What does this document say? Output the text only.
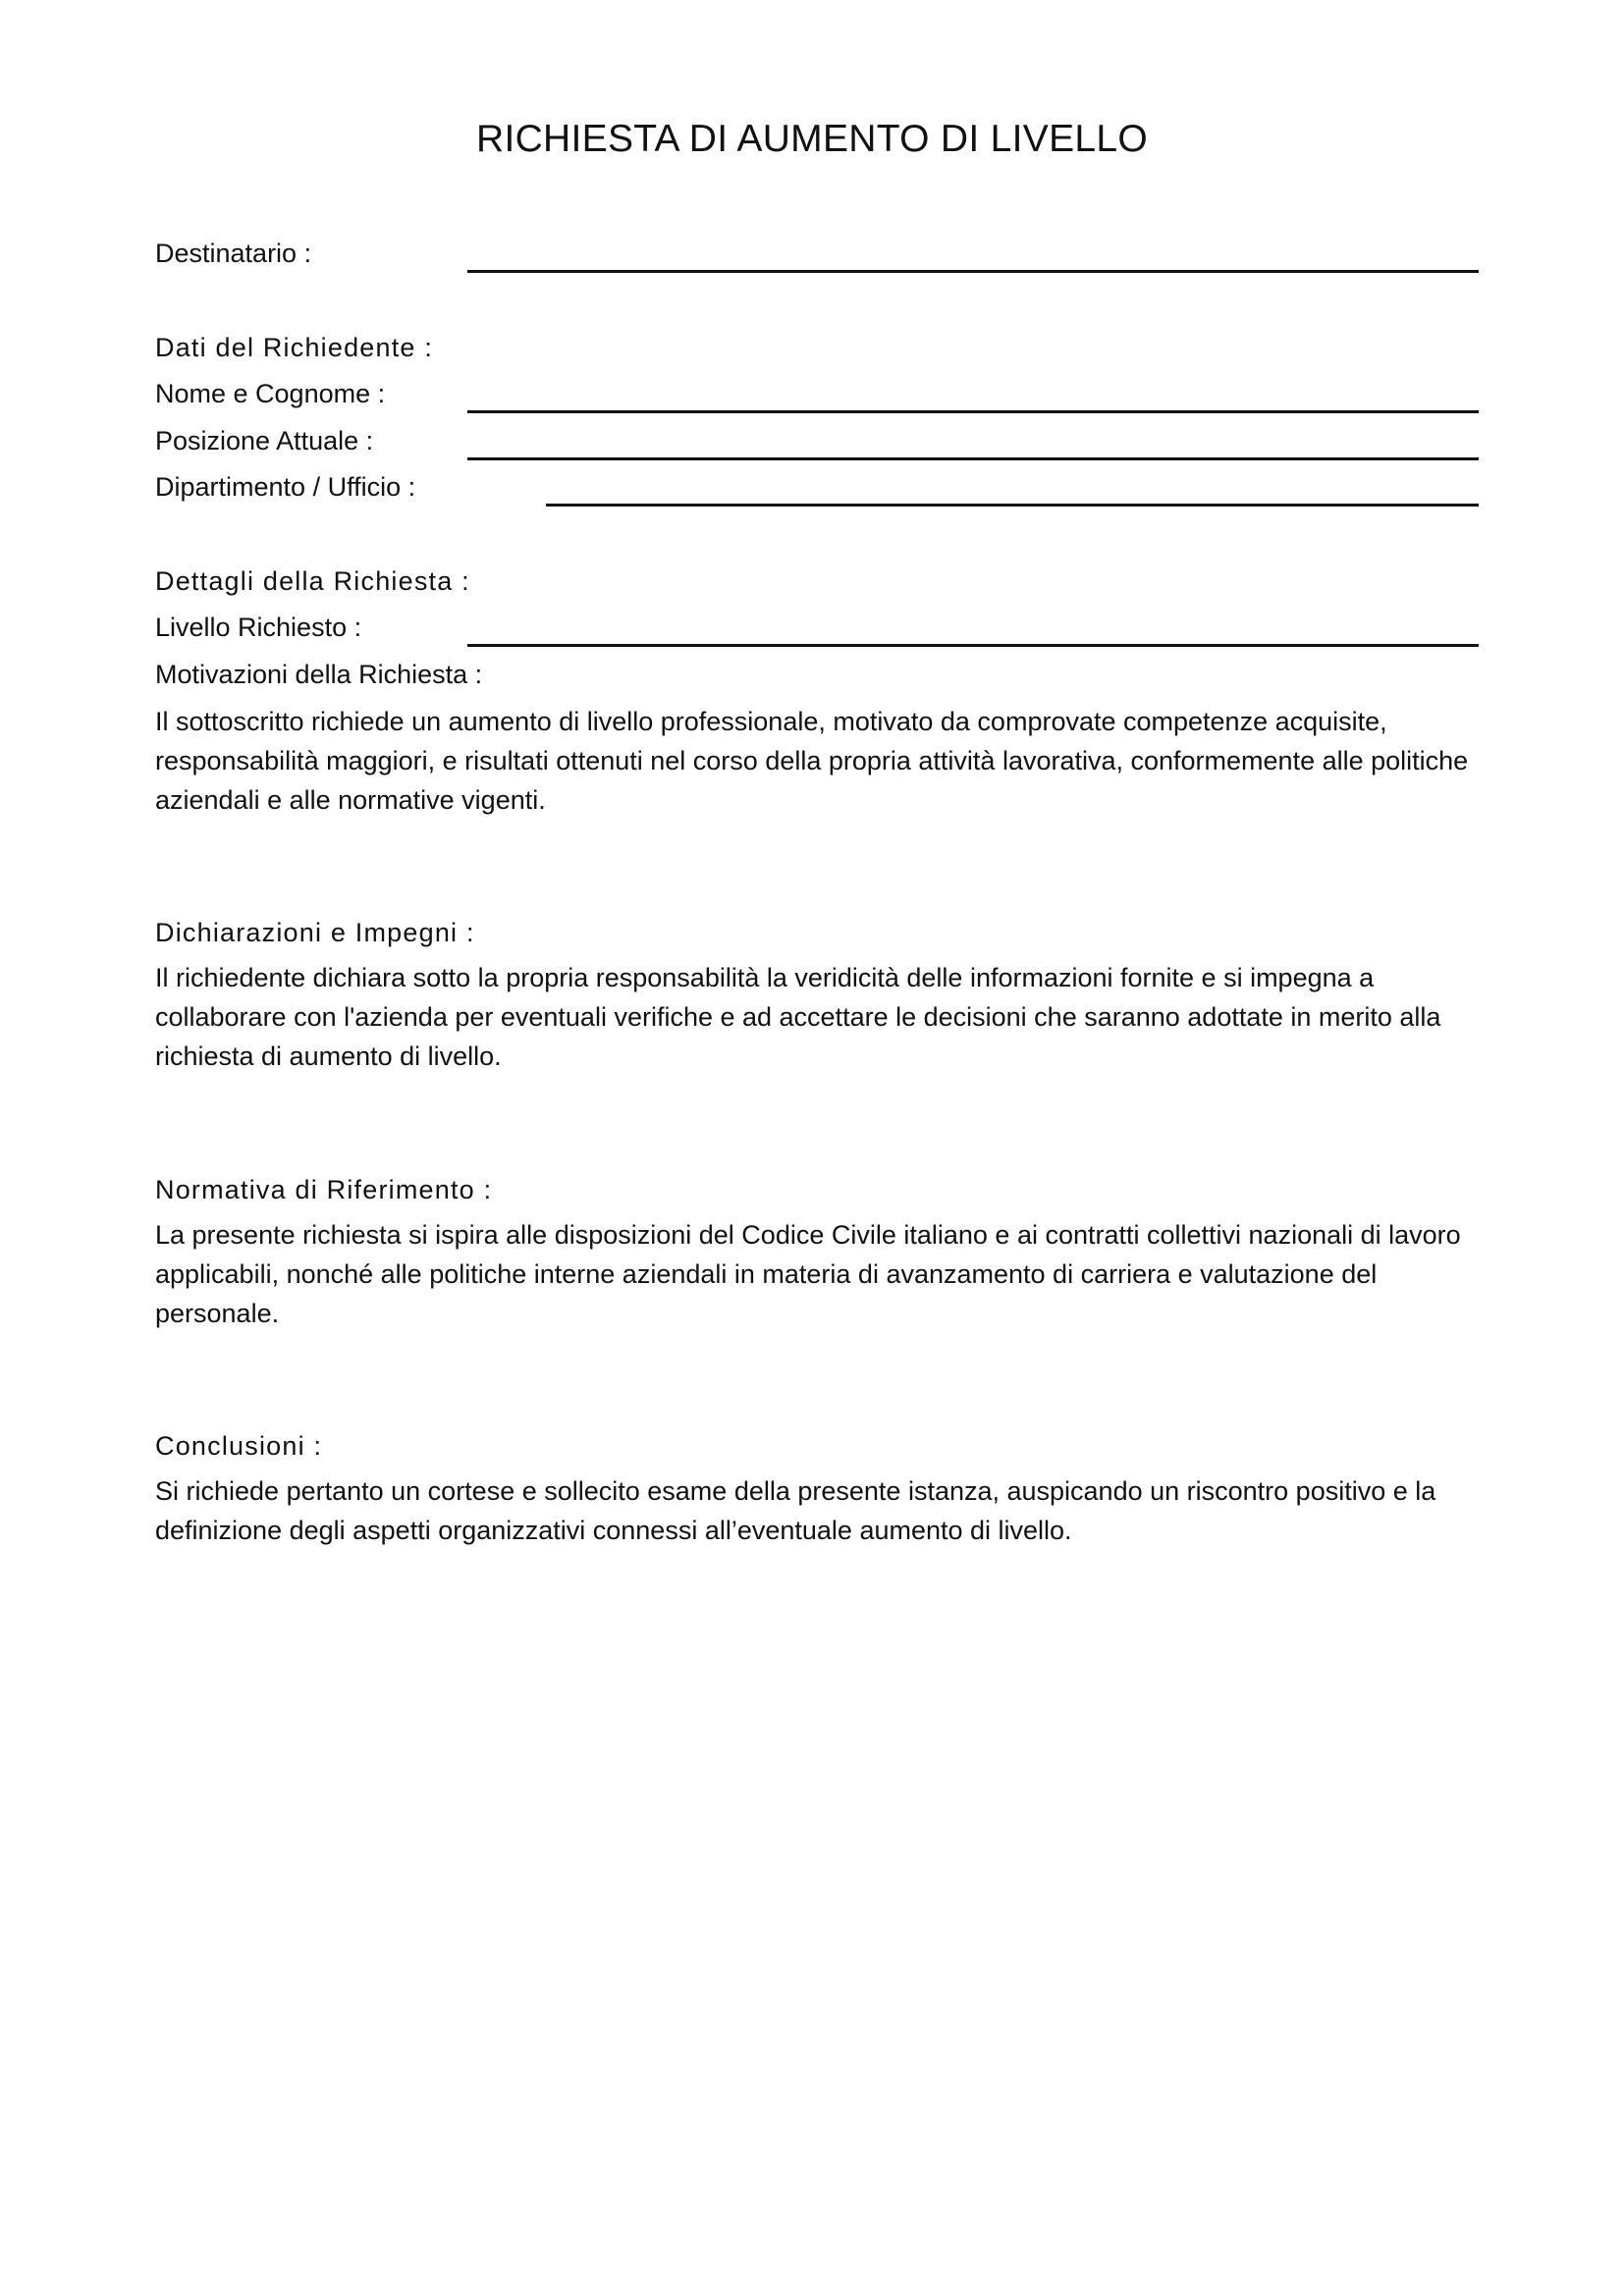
RICHIESTA DI AUMENTO DI LIVELLO
Destinatario :
Dati del Richiedente :
Nome e Cognome :
Posizione Attuale :
Dipartimento / Ufficio :
Dettagli della Richiesta :
Livello Richiesto :
Motivazioni della Richiesta :
Il sottoscritto richiede un aumento di livello professionale, motivato da comprovate competenze acquisite, responsabilità maggiori, e risultati ottenuti nel corso della propria attività lavorativa, conformemente alle politiche aziendali e alle normative vigenti.
Dichiarazioni e Impegni :
Il richiedente dichiara sotto la propria responsabilità la veridicità delle informazioni fornite e si impegna a collaborare con l'azienda per eventuali verifiche e ad accettare le decisioni che saranno adottate in merito alla richiesta di aumento di livello.
Normativa di Riferimento :
La presente richiesta si ispira alle disposizioni del Codice Civile italiano e ai contratti collettivi nazionali di lavoro applicabili, nonché alle politiche interne aziendali in materia di avanzamento di carriera e valutazione del personale.
Conclusioni :
Si richiede pertanto un cortese e sollecito esame della presente istanza, auspicando un riscontro positivo e la definizione degli aspetti organizzativi connessi all’eventuale aumento di livello.
